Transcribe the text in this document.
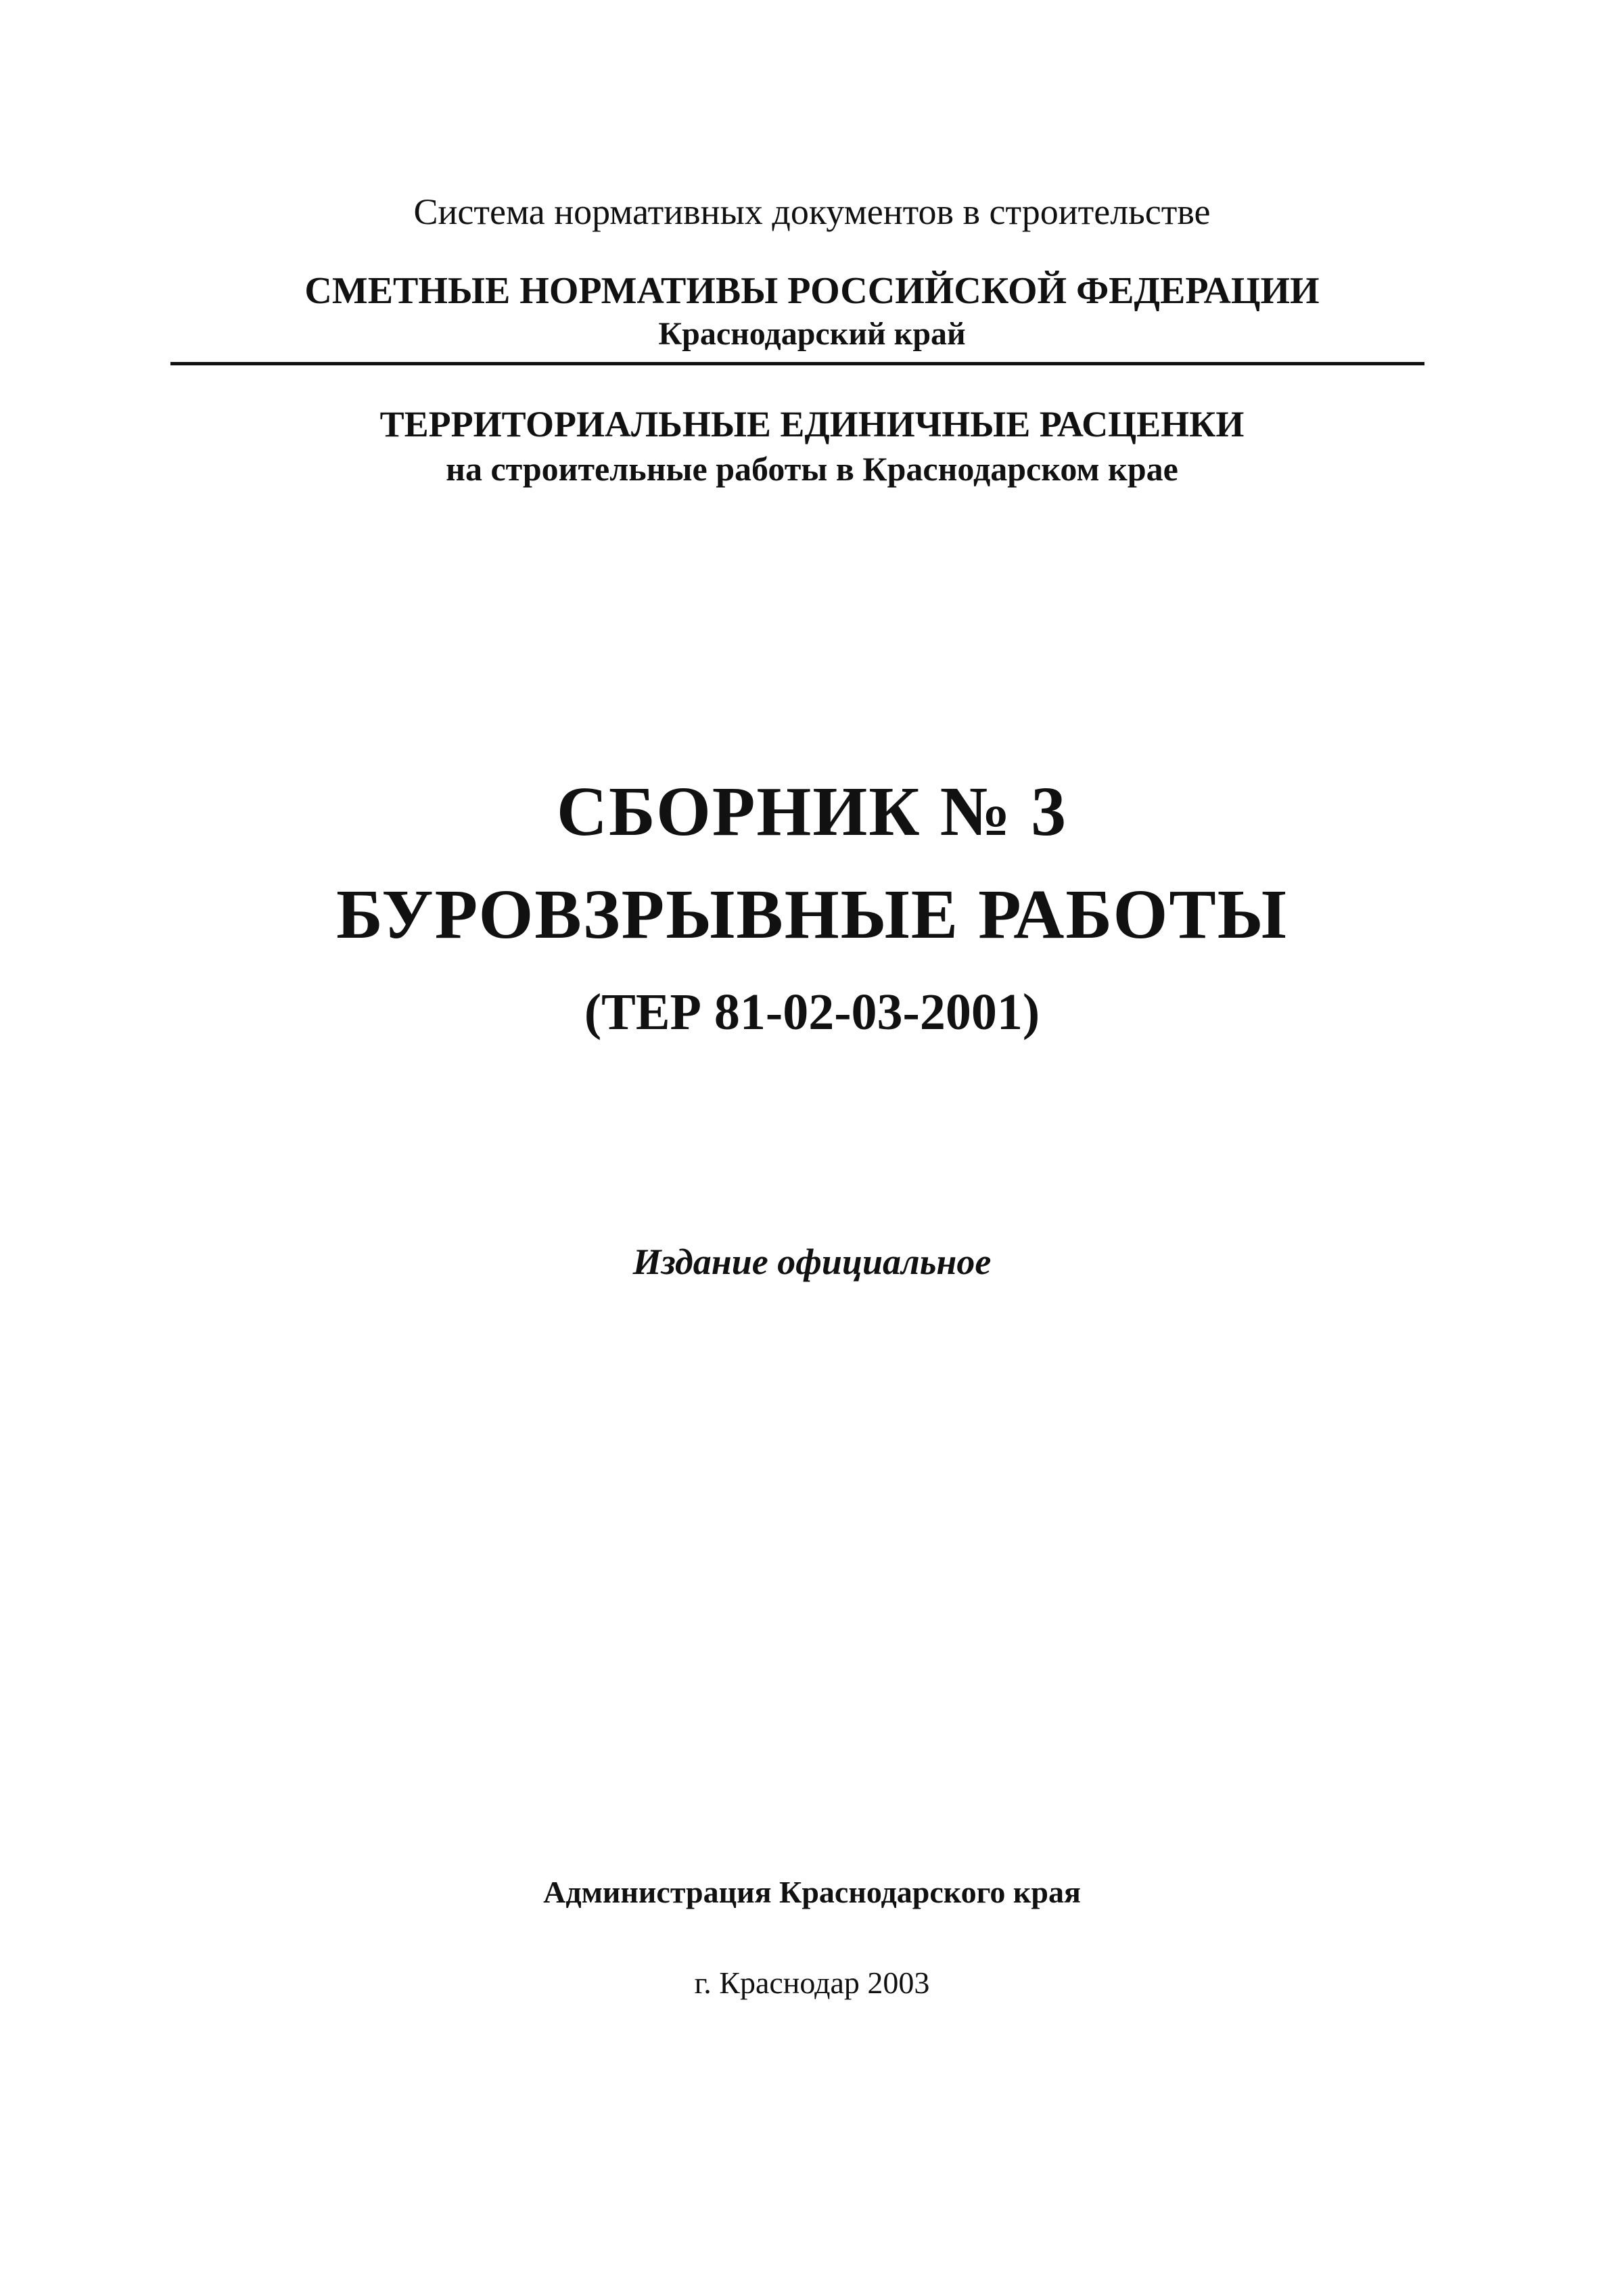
Система нормативных документов в строительстве
СМЕТНЫЕ НОРМАТИВЫ РОССИЙСКОЙ ФЕДЕРАЦИИ
Краснодарский край
ТЕРРИТОРИАЛЬНЫЕ ЕДИНИЧНЫЕ РАСЦЕНКИ
на строительные работы в Краснодарском крае
СБОРНИК № 3
БУРОВЗРЫВНЫЕ РАБОТЫ
(ТЕР 81-02-03-2001)
Издание официальное
Администрация Краснодарского края
г. Краснодар 2003
